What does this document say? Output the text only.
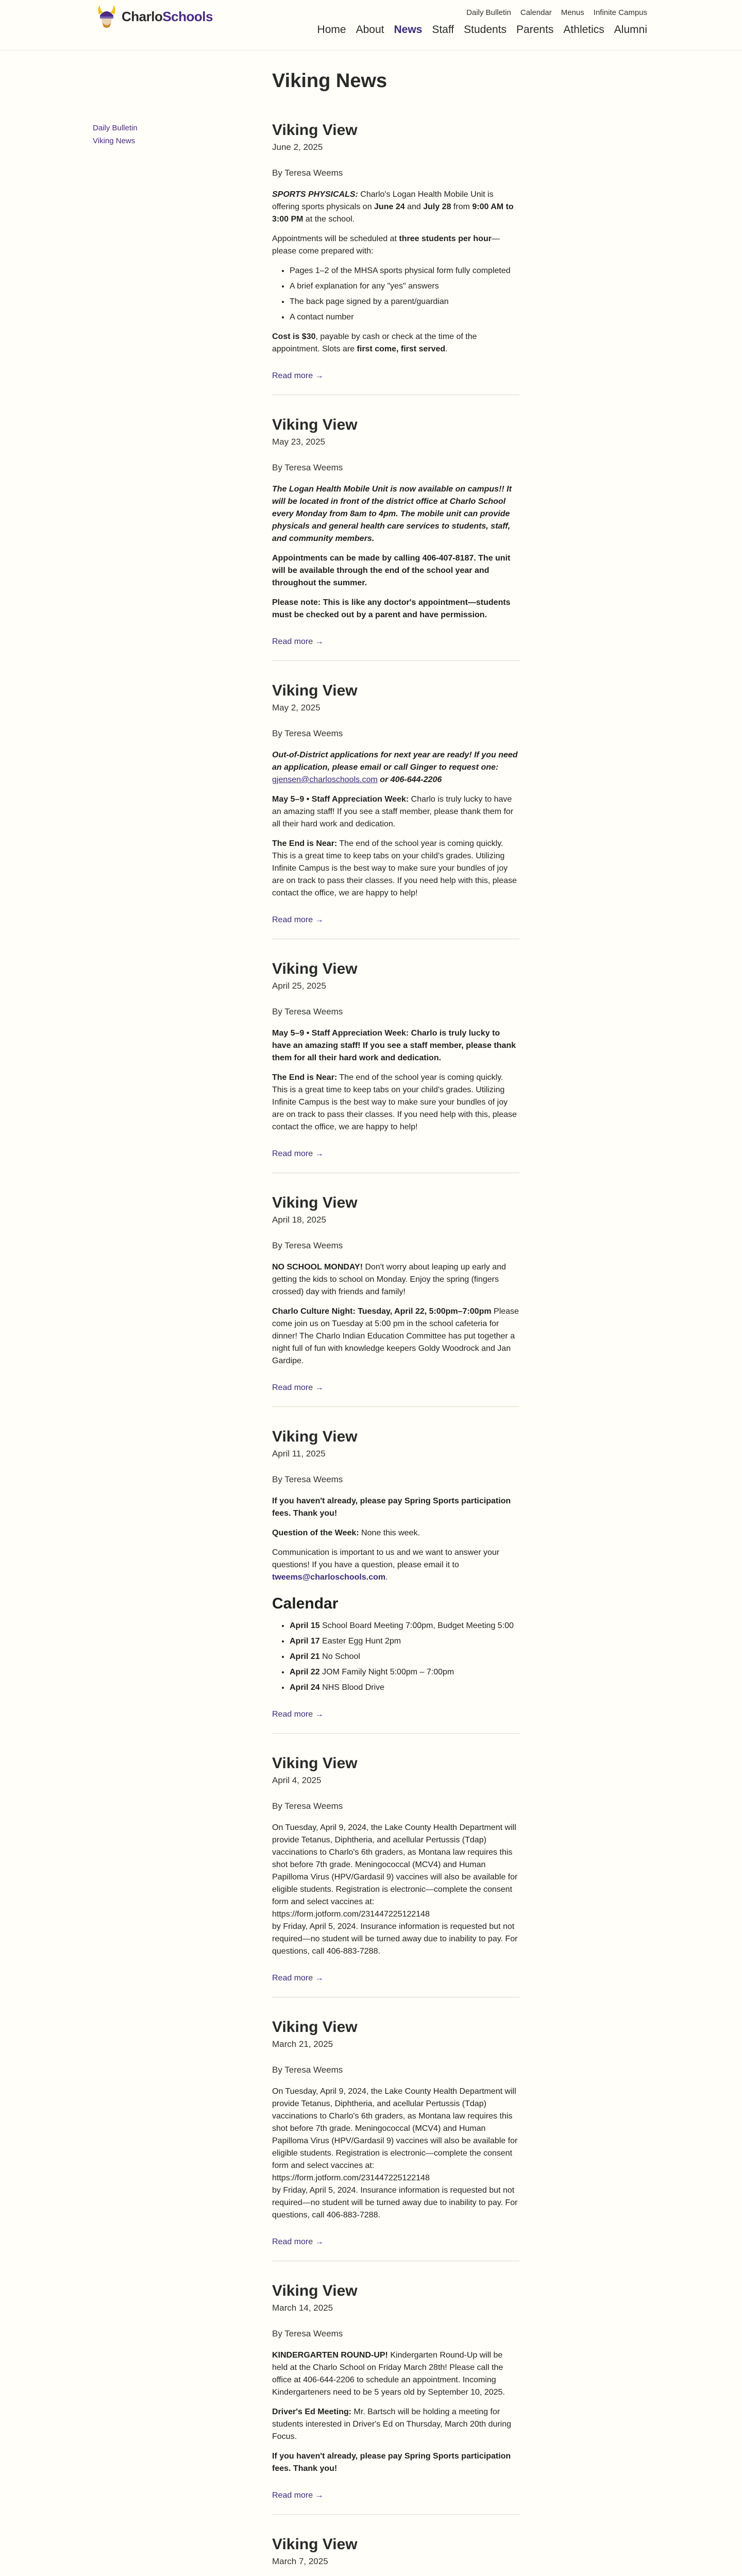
Daily Bulletin Calendar Menus Infinite Campus
CharloSchools
Home About News Staff Students Parents Athletics Alumni
Daily Bulletin
Viking News
Viking News
Viking View
June 2, 2025
By Teresa Weems

SPORTS PHYSICALS: Charlo's Logan Health Mobile Unit is offering sports physicals on June 24 and July 28 from 9:00 AM to 3:00 PM at the school.

Appointments will be scheduled at three students per hour—please come prepared with:

• Pages 1–2 of the MHSA sports physical form fully completed
• A brief explanation for any "yes" answers
• The back page signed by a parent/guardian
• A contact number

Cost is $30, payable by cash or check at the time of the appointment. Slots are first come, first served.

Read more →
Viking View
May 23, 2025
By Teresa Weems

The Logan Health Mobile Unit is now available on campus!! It will be located in front of the district office at Charlo School every Monday from 8am to 4pm. The mobile unit can provide physicals and general health care services to students, staff, and community members.

Appointments can be made by calling 406-407-8187. The unit will be available through the end of the school year and throughout the summer.

Please note: This is like any doctor's appointment—students must be checked out by a parent and have permission.

Read more →
Viking View
May 2, 2025
By Teresa Weems

Out-of-District applications for next year are ready! If you need an application, please email or call Ginger to request one: gjensen@charloschools.com or 406-644-2206

May 5–9 • Staff Appreciation Week: Charlo is truly lucky to have an amazing staff! If you see a staff member, please thank them for all their hard work and dedication.

The End is Near: The end of the school year is coming quickly. This is a great time to keep tabs on your child's grades. Utilizing Infinite Campus is the best way to make sure your bundles of joy are on track to pass their classes. If you need help with this, please contact the office, we are happy to help!

Read more →
Viking View
April 25, 2025
By Teresa Weems

May 5–9 • Staff Appreciation Week: Charlo is truly lucky to have an amazing staff! If you see a staff member, please thank them for all their hard work and dedication.

The End is Near: The end of the school year is coming quickly. This is a great time to keep tabs on your child's grades. Utilizing Infinite Campus is the best way to make sure your bundles of joy are on track to pass their classes. If you need help with this, please contact the office, we are happy to help!

Read more →
Viking View
April 18, 2025
By Teresa Weems

NO SCHOOL MONDAY! Don't worry about leaping up early and getting the kids to school on Monday. Enjoy the spring (fingers crossed) day with friends and family!

Charlo Culture Night: Tuesday, April 22, 5:00pm–7:00pm Please come join us on Tuesday at 5:00 pm in the school cafeteria for dinner! The Charlo Indian Education Committee has put together a night full of fun with knowledge keepers Goldy Woodrock and Jan Gardipe.

Read more →
Viking View
April 11, 2025
By Teresa Weems

If you haven't already, please pay Spring Sports participation fees. Thank you!

Question of the Week: None this week.

Communication is important to us and we want to answer your questions! If you have a question, please email it to tweems@charloschools.com.

Calendar
• April 15 School Board Meeting 7:00pm, Budget Meeting 5:00
• April 17 Easter Egg Hunt 2pm
• April 21 No School
• April 22 JOM Family Night 5:00pm – 7:00pm
• April 24 NHS Blood Drive
Read more →
Viking View
April 4, 2025
By Teresa Weems

On Tuesday, April 9, 2024, the Lake County Health Department will provide Tetanus, Diphtheria, and acellular Pertussis (Tdap) vaccinations to Charlo's 6th graders, as Montana law requires this shot before 7th grade. Meningococcal (MCV4) and Human Papilloma Virus (HPV/Gardasil 9) vaccines will also be available for eligible students. Registration is electronic—complete the consent form and select vaccines at:
https://form.jotform.com/231447225122148
by Friday, April 5, 2024. Insurance information is requested but not required—no student will be turned away due to inability to pay. For questions, call 406-883-7288.

Read more →
Viking View
March 21, 2025
By Teresa Weems

On Tuesday, April 9, 2024, the Lake County Health Department will provide Tetanus, Diphtheria, and acellular Pertussis (Tdap) vaccinations to Charlo's 6th graders, as Montana law requires this shot before 7th grade. Meningococcal (MCV4) and Human Papilloma Virus (HPV/Gardasil 9) vaccines will also be available for eligible students. Registration is electronic—complete the consent form and select vaccines at:
https://form.jotform.com/231447225122148
by Friday, April 5, 2024. Insurance information is requested but not required—no student will be turned away due to inability to pay. For questions, call 406-883-7288.

Read more →
Viking View
March 14, 2025
By Teresa Weems

KINDERGARTEN ROUND-UP! Kindergarten Round-Up will be held at the Charlo School on Friday March 28th! Please call the office at 406-644-2206 to schedule an appointment. Incoming Kindergarteners need to be 5 years old by September 10, 2025.

Driver's Ed Meeting: Mr. Bartsch will be holding a meeting for students interested in Driver's Ed on Thursday, March 20th during Focus.

If you haven't already, please pay Spring Sports participation fees. Thank you!

Read more →
Viking View
March 7, 2025
